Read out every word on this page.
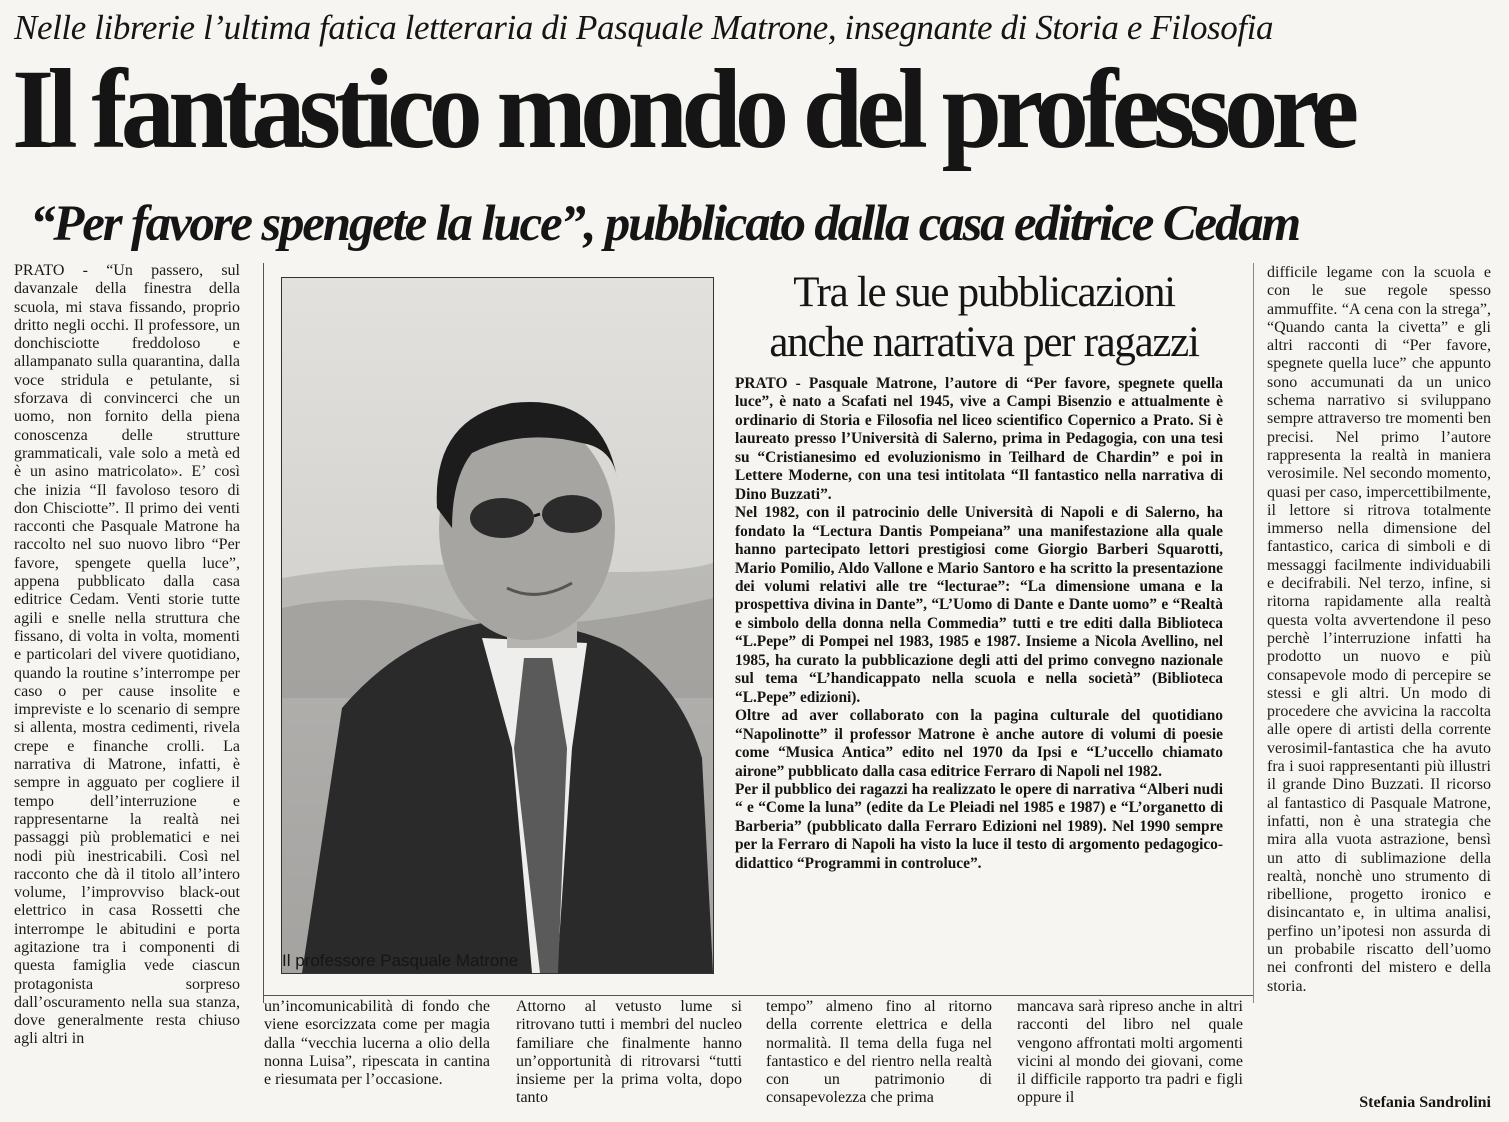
Nelle librerie l’ultima fatica letteraria di Pasquale Matrone, insegnante di Storia e Filosofia
Il fantastico mondo del professore
“Per favore spengete la luce”, pubblicato dalla casa editrice Cedam

PRATO - “Un passero, sul davanzale della finestra della scuola, mi stava fissando, proprio dritto negli occhi. Il professore, un donchisciotte freddoloso e allampanato sulla quarantina, dalla voce stridula e petulante, si sforzava di convincerci che un uomo, non fornito della piena conoscenza delle strutture grammaticali, vale solo a metà ed è un asino matricolato». E’ così che inizia “Il favoloso tesoro di don Chisciotte”. Il primo dei venti racconti che Pasquale Matrone ha raccolto nel suo nuovo libro “Per favore, spengete quella luce”, appena pubblicato dalla casa editrice Cedam. Venti storie tutte agili e snelle nella struttura che fissano, di volta in volta, momenti e particolari del vivere quotidiano, quando la routine s’interrompe per caso o per cause insolite e impreviste e lo scenario di sempre si allenta, mostra cedimenti, rivela crepe e finanche crolli. La narrativa di Matrone, infatti, è sempre in agguato per cogliere il tempo dell’interruzione e rappresentarne la realtà nei passaggi più problematici e nei nodi più inestricabili. Così nel racconto che dà il titolo all’intero volume, l’improvviso black-out elettrico in casa Rossetti che interrompe le abitudini e porta agitazione tra i componenti di questa famiglia vede ciascun protagonista sorpreso dall’oscuramento nella sua stanza, dove generalmente resta chiuso agli altri in

Il professore Pasquale Matrone
Tra le sue pubblicazioni
anche narrativa per ragazzi

PRATO - Pasquale Matrone, l’autore di “Per favore, spegnete quella luce”, è nato a Scafati nel 1945, vive a Campi Bisenzio e attualmente è ordinario di Storia e Filosofia nel liceo scientifico Copernico a Prato. Si è laureato presso l’Università di Salerno, prima in Pedagogia, con una tesi su “Cristianesimo ed evoluzionismo in Teilhard de Chardin” e poi in Lettere Moderne, con una tesi intitolata “Il fantastico nella narrativa di Dino Buzzati”.

Nel 1982, con il patrocinio delle Università di Napoli e di Salerno, ha fondato la “Lectura Dantis Pompeiana” una manifestazione alla quale hanno partecipato lettori prestigiosi come Giorgio Barberi Squarotti, Mario Pomilio, Aldo Vallone e Mario Santoro e ha scritto la presentazione dei volumi relativi alle tre “lecturae”: “La dimensione umana e la prospettiva divina in Dante”, “L’Uomo di Dante e Dante uomo” e “Realtà e simbolo della donna nella Commedia” tutti e tre editi dalla Biblioteca “L.Pepe” di Pompei nel 1983, 1985 e 1987. Insieme a Nicola Avellino, nel 1985, ha curato la pubblicazione degli atti del primo convegno nazionale sul tema “L’handicappato nella scuola e nella società” (Biblioteca “L.Pepe” edizioni).

Oltre ad aver collaborato con la pagina culturale del quotidiano “Napolinotte” il professor Matrone è anche autore di volumi di poesie come “Musica Antica” edito nel 1970 da Ipsi e “L’uccello chiamato airone” pubblicato dalla casa editrice Ferraro di Napoli nel 1982.

Per il pubblico dei ragazzi ha realizzato le opere di narrativa “Alberi nudi “ e “Come la luna” (edite da Le Pleiadi nel 1985 e 1987) e “L’organetto di Barberia” (pubblicato dalla Ferraro Edizioni nel 1989). Nel 1990 sempre per la Ferraro di Napoli ha visto la luce il testo di argomento pedagogico-didattico “Programmi in controluce”.

un’incomunicabilità di fondo che viene esorcizzata come per magia dalla “vecchia lucerna a olio della nonna Luisa”, ripescata in cantina e riesumata per l’occasione.
Attorno al vetusto lume si ritrovano tutti i membri del nucleo familiare che finalmente hanno un’opportunità di ritrovarsi “tutti insieme per la prima volta, dopo tanto
tempo” almeno fino al ritorno della corrente elettrica e della normalità. Il tema della fuga nel fantastico e del rientro nella realtà con un patrimonio di consapevolezza che prima
mancava sarà ripreso anche in altri racconti del libro nel quale vengono affrontati molti argomenti vicini al mondo dei giovani, come il difficile rapporto tra padri e figli oppure il

difficile legame con la scuola e con le sue regole spesso ammuffite. “A cena con la strega”, “Quando canta la civetta” e gli altri racconti di “Per favore, spegnete quella luce” che appunto sono accumunati da un unico schema narrativo si sviluppano sempre attraverso tre momenti ben precisi. Nel primo l’autore rappresenta la realtà in maniera verosimile. Nel secondo momento, quasi per caso, impercettibilmente, il lettore si ritrova totalmente immerso nella dimensione del fantastico, carica di simboli e di messaggi facilmente individuabili e decifrabili. Nel terzo, infine, si ritorna rapidamente alla realtà questa volta avvertendone il peso perchè l’interruzione infatti ha prodotto un nuovo e più consapevole modo di percepire se stessi e gli altri. Un modo di procedere che avvicina la raccolta alle opere di artisti della corrente verosimil-fantastica che ha avuto fra i suoi rappresentanti più illustri il grande Dino Buzzati. Il ricorso al fantastico di Pasquale Matrone, infatti, non è una strategia che mira alla vuota astrazione, bensì un atto di sublimazione della realtà, nonchè uno strumento di ribellione, progetto ironico e disincantato e, in ultima analisi, perfino un’ipotesi non assurda di un probabile riscatto dell’uomo nei confronti del mistero e della storia.

Stefania Sandrolini
